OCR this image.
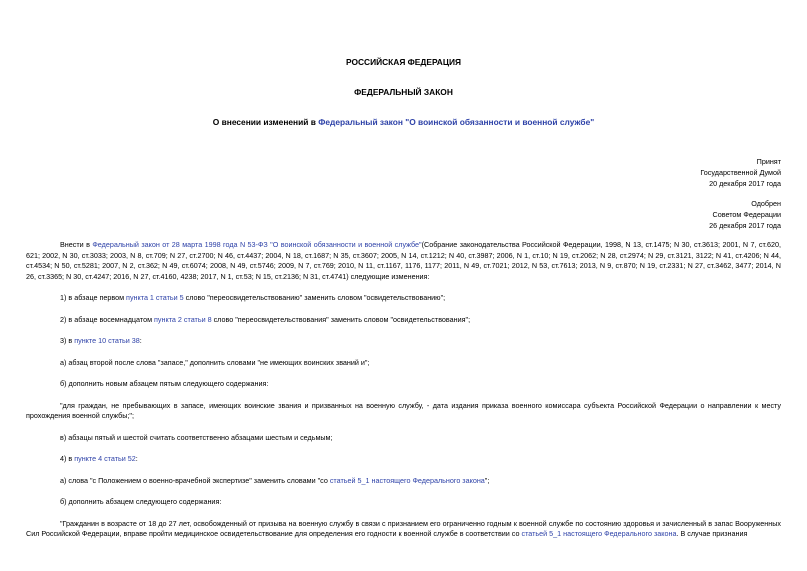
РОССИЙСКАЯ ФЕДЕРАЦИЯ
ФЕДЕРАЛЬНЫЙ ЗАКОН
О внесении изменений в Федеральный закон "О воинской обязанности и военной службе"
Принят
Государственной Думой
20 декабря 2017 года
Одобрен
Советом Федерации
26 декабря 2017 года

Внести в Федеральный закон от 28 марта 1998 года N 53-ФЗ "О воинской обязанности и военной службе"(Собрание законодательства Российской Федерации, 1998, N 13, ст.1475; N 30, ст.3613; 2001, N 7, ст.620, 621; 2002, N 30, ст.3033; 2003, N 8, ст.709; N 27, ст.2700; N 46, ст.4437; 2004, N 18, ст.1687; N 35, ст.3607; 2005, N 14, ст.1212; N 40, ст.3987; 2006, N 1, ст.10; N 19, ст.2062; N 28, ст.2974; N 29, ст.3121, 3122; N 41, ст.4206; N 44, ст.4534; N 50, ст.5281; 2007, N 2, ст.362; N 49, ст.6074; 2008, N 49, ст.5746; 2009, N 7, ст.769; 2010, N 11, ст.1167, 1176, 1177; 2011, N 49, ст.7021; 2012, N 53, ст.7613; 2013, N 9, ст.870; N 19, ст.2331; N 27, ст.3462, 3477; 2014, N 26, ст.3365; N 30, ст.4247; 2016, N 27, ст.4160, 4238; 2017, N 1, ст.53; N 15, ст.2136; N 31, ст.4741) следующие изменения:

1) в абзаце первом пункта 1 статьи 5 слово "переосвидетельствованию" заменить словом "освидетельствованию";

2) в абзаце восемнадцатом пункта 2 статьи 8 слово "переосвидетельствования" заменить словом "освидетельствования";

3) в пункте 10 статьи 38:

а) абзац второй после слова "запасе," дополнить словами "не имеющих воинских званий и";

б) дополнить новым абзацем пятым следующего содержания:

"для граждан, не пребывающих в запасе, имеющих воинские звания и призванных на военную службу, - дата издания приказа военного комиссара субъекта Российской Федерации о направлении к месту прохождения военной службы;";

в) абзацы пятый и шестой считать соответственно абзацами шестым и седьмым;

4) в пункте 4 статьи 52:

а) слова "с Положением о военно-врачебной экспертизе" заменить словами "со статьей 5_1 настоящего Федерального закона";

б) дополнить абзацем следующего содержания:

"Гражданин в возрасте от 18 до 27 лет, освобожденный от призыва на военную службу в связи с признанием его ограниченно годным к военной службе по состоянию здоровья и зачисленный в запас Вооруженных Сил Российской Федерации, вправе пройти медицинское освидетельствование для определения его годности к военной службе в соответствии со статьей 5_1 настоящего Федерального закона. В случае признания
